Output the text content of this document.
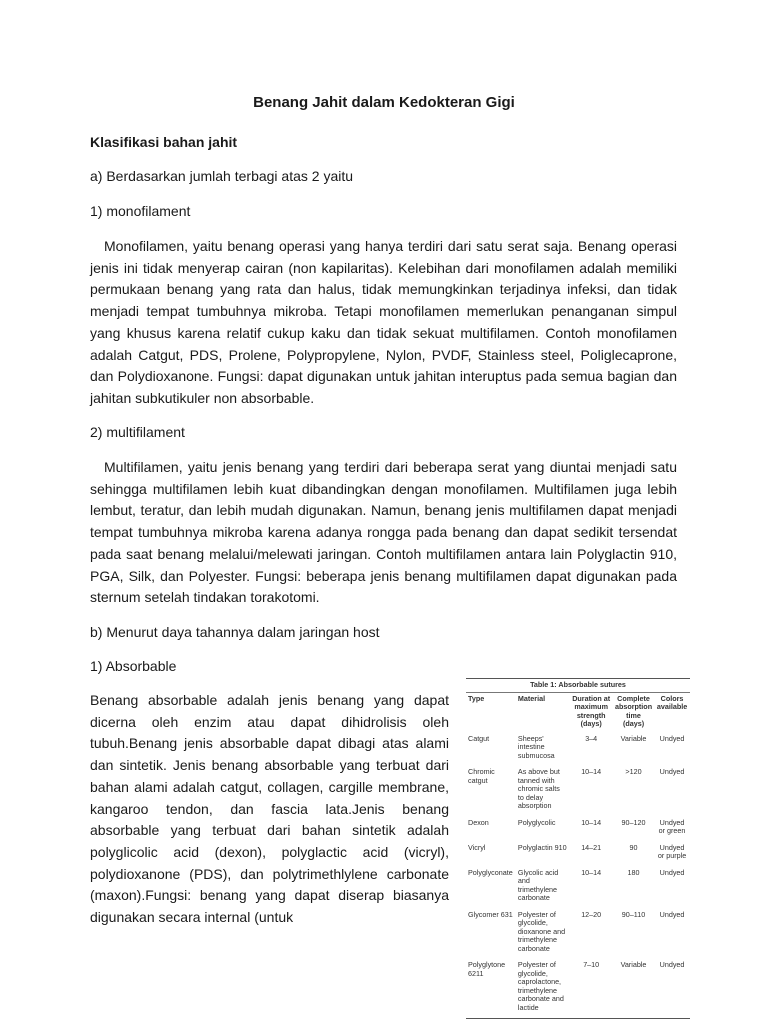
Benang Jahit dalam Kedokteran Gigi
Klasifikasi bahan jahit
a) Berdasarkan jumlah terbagi atas 2 yaitu
1) monofilament
Monofilamen, yaitu benang operasi yang hanya terdiri dari satu serat saja. Benang operasi jenis ini tidak menyerap cairan (non kapilaritas). Kelebihan dari monofilamen adalah memiliki permukaan benang yang rata dan halus, tidak memungkinkan terjadinya infeksi, dan tidak menjadi tempat tumbuhnya mikroba. Tetapi monofilamen memerlukan penanganan simpul yang khusus karena relatif cukup kaku dan tidak sekuat multifilamen. Contoh monofilamen adalah Catgut, PDS, Prolene, Polypropylene, Nylon, PVDF, Stainless steel, Poliglecaprone, dan Polydioxanone. Fungsi: dapat digunakan untuk jahitan interuptus pada semua bagian dan jahitan subkutikuler non absorbable.
2) multifilament
Multifilamen, yaitu jenis benang yang terdiri dari beberapa serat yang diuntai menjadi satu sehingga multifilamen lebih kuat dibandingkan dengan monofilamen. Multifilamen juga lebih lembut, teratur, dan lebih mudah digunakan. Namun, benang jenis multifilamen dapat menjadi tempat tumbuhnya mikroba karena adanya rongga pada benang dan dapat sedikit tersendat pada saat benang melalui/melewati jaringan. Contoh multifilamen antara lain Polyglactin 910, PGA, Silk, dan Polyester. Fungsi: beberapa jenis benang multifilamen dapat digunakan pada sternum setelah tindakan torakotomi.
b) Menurut daya tahannya dalam jaringan host
1) Absorbable
Benang absorbable adalah jenis benang yang dapat dicerna oleh enzim atau dapat dihidrolisis oleh tubuh.Benang jenis absorbable dapat dibagi atas alami dan sintetik. Jenis benang absorbable yang terbuat dari bahan alami adalah catgut, collagen, cargille membrane, kangaroo tendon, dan fascia lata.Jenis benang absorbable yang terbuat dari bahan sintetik adalah polyglicolic acid (dexon), polyglactic acid (vicryl), polydioxanone (PDS), dan polytrimethlylene carbonate (maxon).Fungsi: benang yang dapat diserap biasanya digunakan secara internal (untuk
Table 1: Absorbable sutures
Type	Material	Duration at maximum strength (days)	Complete absorption time (days)	Colors available
Catgut	Sheeps' intestine submucosa	3–4	Variable	Undyed
Chromic catgut	As above but tanned with chromic salts to delay absorption	10–14	>120	Undyed
Dexon	Polyglycolic	10–14	90–120	Undyed or green
Vicryl	Polyglactin 910	14–21	90	Undyed or purple
Polyglyconate	Glycolic acid and trimethylene carbonate	10–14	180	Undyed
Glycomer 631	Polyester of glycolide, dioxanone and trimethylene carbonate	12–20	90–110	Undyed
Polyglytone 6211	Polyester of glycolide, caprolactone, trimethylene carbonate and lactide	7–10	Variable	Undyed
